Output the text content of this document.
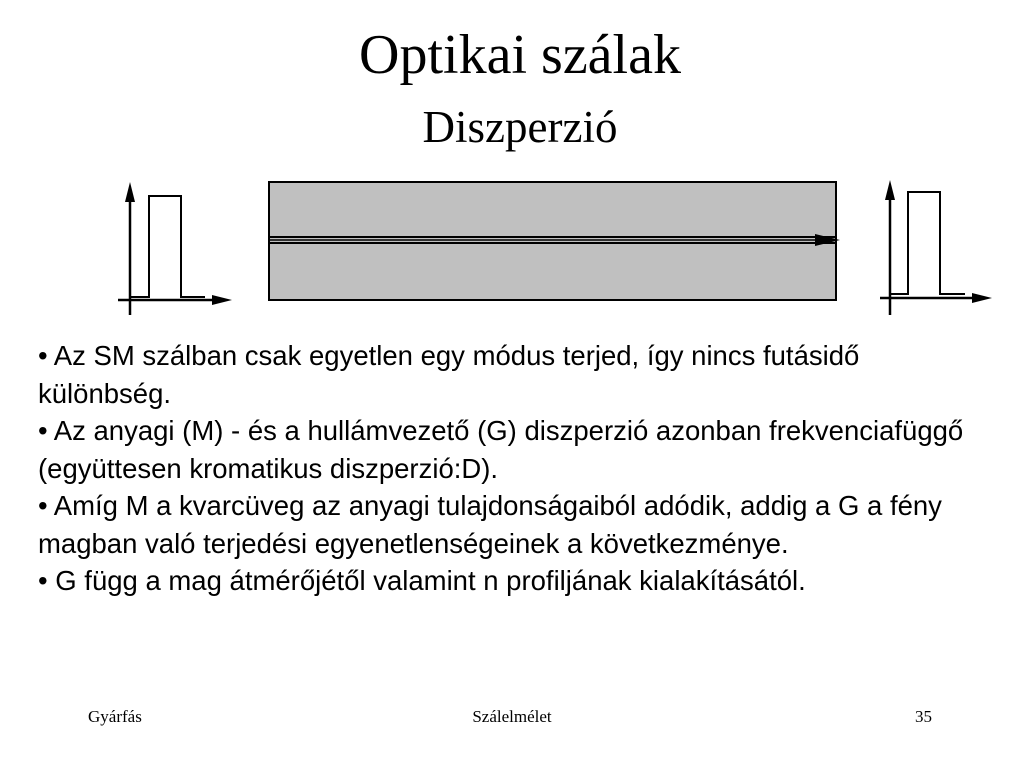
Optikai szálak
Diszperzió

• Az SM szálban csak egyetlen egy módus terjed, így nincs futásidő különbség.

• Az anyagi (M) - és a hullámvezető (G) diszperzió azonban frekvenciafüggő (együttesen kromatikus diszperzió:D).

• Amíg M a kvarcüveg az anyagi tulajdonságaiból adódik, addig a G a fény magban való terjedési egyenetlenségeinek a következménye.

• G függ a mag átmérőjétől valamint n profiljának kialakításától.

Gyárfás	Szálelmélet	35
